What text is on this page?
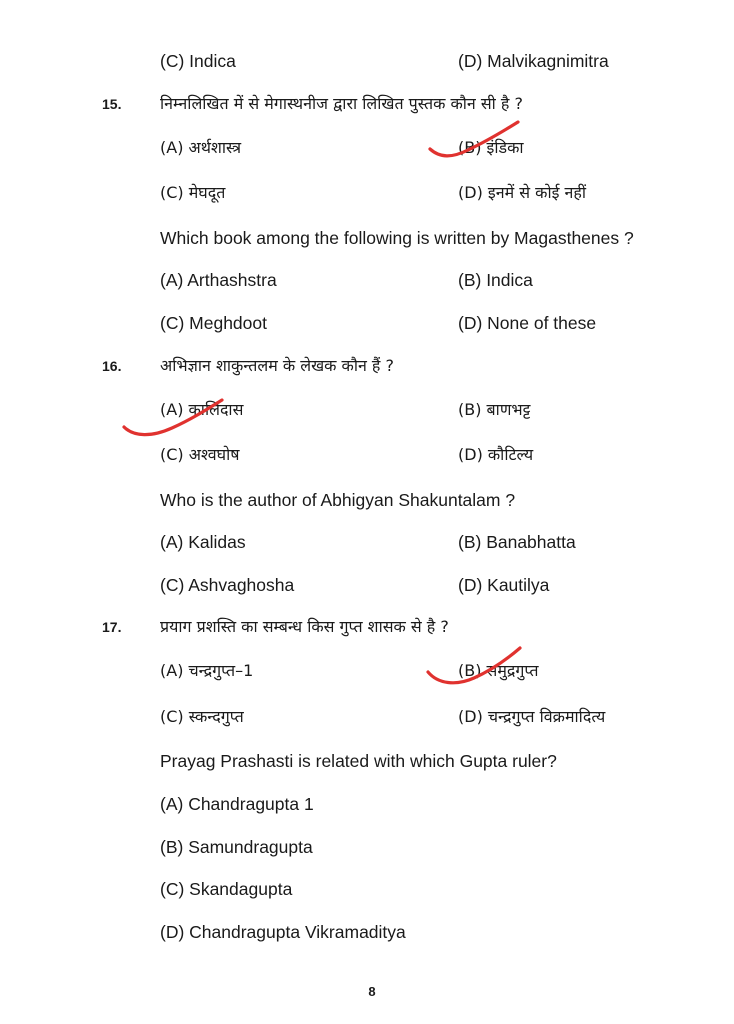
(C) Indica	(D) Malvikagnimitra
15. निम्नलिखित में से मेगास्थनीज द्वारा लिखित पुस्तक कौन सी है ?
(A) अर्थशास्त्र	(B) इंडिका
(C) मेघदूत	(D) इनमें से कोई नहीं
Which book among the following is written by Magasthenes ?
(A) Arthashstra	(B) Indica
(C) Meghdoot	(D) None of these
16. अभिज्ञान शाकुन्तलम के लेखक कौन हैं ?
(A) कालिदास	(B) बाणभट्ट
(C) अश्वघोष	(D) कौटिल्य
Who is the author of Abhigyan Shakuntalam ?
(A) Kalidas	(B) Banabhatta
(C) Ashvaghosha	(D) Kautilya
17. प्रयाग प्रशस्ति का सम्बन्ध किस गुप्त शासक से है ?
(A) चन्द्रगुप्त–1	(B) समुद्रगुप्त
(C) स्कन्दगुप्त	(D) चन्द्रगुप्त विक्रमादित्य
Prayag Prashasti is related with which Gupta ruler?
(A) Chandragupta 1
(B) Samundragupta
(C) Skandagupta
(D) Chandragupta Vikramaditya
8
